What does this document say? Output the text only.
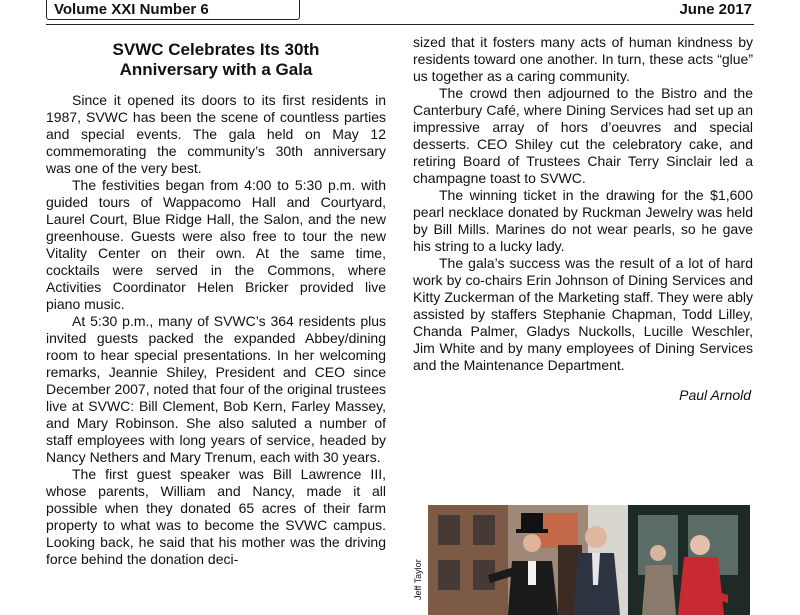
Volume XXI Number 6	June 2017
SVWC Celebrates Its 30th
Anniversary with a Gala

Since it opened its doors to its first residents in 1987, SVWC has been the scene of countless parties and special events. The gala held on May 12 commemorating the community’s 30th anniversary was one of the very best.

The festivities began from 4:00 to 5:30 p.m. with guided tours of Wappacomo Hall and Courtyard, Laurel Court, Blue Ridge Hall, the Salon, and the new greenhouse. Guests were also free to tour the new Vitality Center on their own. At the same time, cocktails were served in the Commons, where Activities Coordinator Helen Bricker provided live piano music.

At 5:30 p.m., many of SVWC’s 364 residents plus invited guests packed the expanded Abbey/dining room to hear special presentations. In her welcoming remarks, Jeannie Shiley, President and CEO since December 2007, noted that four of the original trustees live at SVWC: Bill Clement, Bob Kern, Farley Massey, and Mary Robinson. She also saluted a number of staff employees with long years of service, headed by Nancy Nethers and Mary Trenum, each with 30 years.

The first guest speaker was Bill Lawrence III, whose parents, William and Nancy, made it all possible when they donated 65 acres of their farm property to what was to become the SVWC campus. Looking back, he said that his mother was the driving force behind the donation deci-

sized that it fosters many acts of human kindness by residents toward one another. In turn, these acts “glue” us together as a caring community.

The crowd then adjourned to the Bistro and the Canterbury Café, where Dining Services had set up an impressive array of hors d’oeuvres and special desserts. CEO Shiley cut the celebratory cake, and retiring Board of Trustees Chair Terry Sinclair led a champagne toast to SVWC.

The winning ticket in the drawing for the $1,600 pearl necklace donated by Ruckman Jewelry was held by Bill Mills. Marines do not wear pearls, so he gave his string to a lucky lady.

The gala’s success was the result of a lot of hard work by co-chairs Erin Johnson of Dining Services and Kitty Zuckerman of the Marketing staff. They were ably assisted by staffers Stephanie Chapman, Todd Lilley, Chanda Palmer, Gladys Nuckolls, Lucille Weschler, Jim White and by many employees of Dining Services and the Maintenance Department.

Paul Arnold
Jeff Taylor
